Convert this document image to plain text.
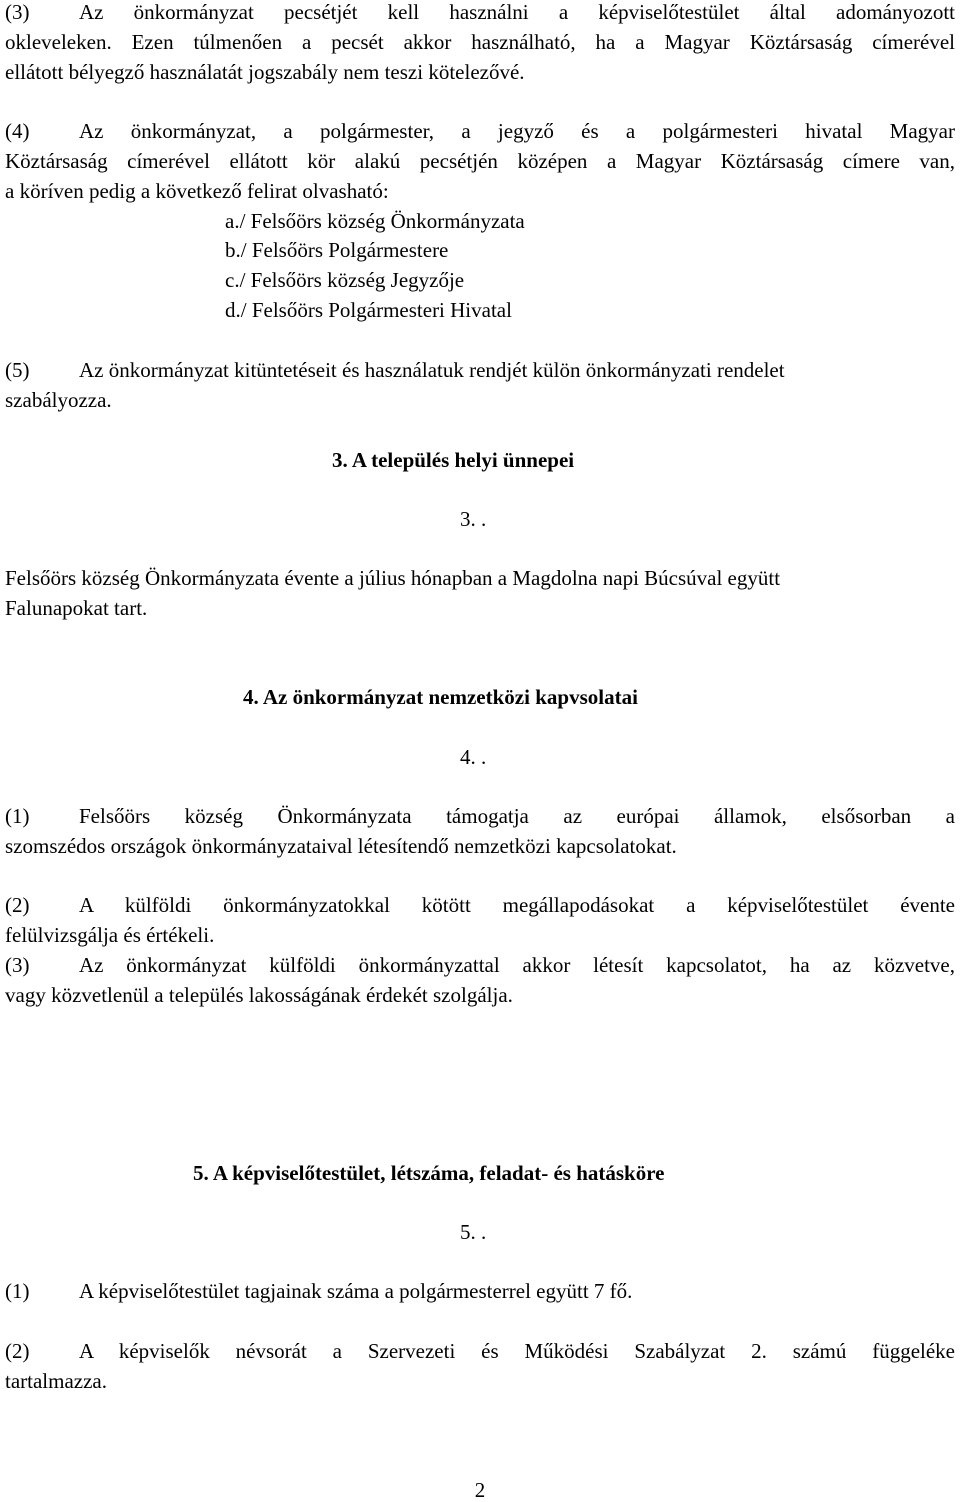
(3) Az önkormányzat pecsétjét kell használni a képviselőtestület által adományozott
okleveleken. Ezen túlmenően a pecsét akkor használható, ha a Magyar Köztársaság címerével
ellátott bélyegző használatát jogszabály nem teszi kötelezővé.
(4) Az önkormányzat, a polgármester, a jegyző és a polgármesteri hivatal Magyar
Köztársaság címerével ellátott kör alakú pecsétjén középen a Magyar Köztársaság címere van,
a köríven pedig a következő felirat olvasható:
a./ Felsőörs község Önkormányzata
b./ Felsőörs Polgármestere
c./ Felsőörs község Jegyzője
d./ Felsőörs Polgármesteri Hivatal
(5) Az önkormányzat kitüntetéseit és használatuk rendjét külön önkormányzati rendelet
szabályozza.
3. A település helyi ünnepei
3. .
Felsőörs község Önkormányzata évente a július hónapban a Magdolna napi Búcsúval együtt
Falunapokat tart.
4. Az önkormányzat nemzetközi kapvsolatai
4. .
(1) Felsőörs község Önkormányzata támogatja az európai államok, elsősorban a
szomszédos országok önkormányzataival létesítendő nemzetközi kapcsolatokat.
(2) A külföldi önkormányzatokkal kötött megállapodásokat a képviselőtestület évente
felülvizsgálja és értékeli.
(3) Az önkormányzat külföldi önkormányzattal akkor létesít kapcsolatot, ha az közvetve,
vagy közvetlenül a település lakosságának érdekét szolgálja.
5. A képviselőtestület, létszáma, feladat- és hatásköre
5. .
(1) A képviselőtestület tagjainak száma a polgármesterrel együtt 7 fő.
(2) A képviselők névsorát a Szervezeti és Működési Szabályzat 2. számú függeléke
tartalmazza.
2
